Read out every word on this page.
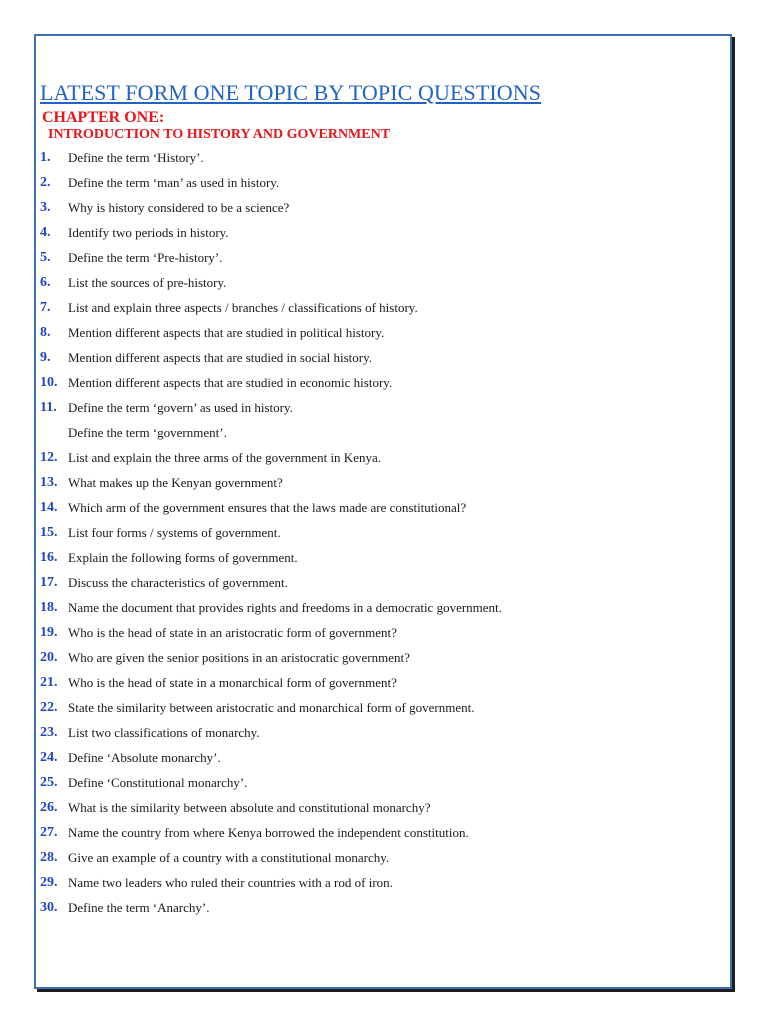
LATEST FORM ONE TOPIC BY TOPIC QUESTIONS
CHAPTER ONE:
INTRODUCTION TO HISTORY AND GOVERNMENT
1. Define the term ‘History’.
2. Define the term ‘man’ as used in history.
3. Why is history considered to be a science?
4. Identify two periods in history.
5. Define the term ‘Pre-history’.
6. List the sources of pre-history.
7. List and explain three aspects / branches / classifications of history.
8. Mention different aspects that are studied in political history.
9. Mention different aspects that are studied in social history.
10. Mention different aspects that are studied in economic history.
11. Define the term ‘govern’ as used in history.
Define the term ‘government’.
12. List and explain the three arms of the government in Kenya.
13. What makes up the Kenyan government?
14. Which arm of the government ensures that the laws made are constitutional?
15. List four forms / systems of government.
16. Explain the following forms of government.
17. Discuss the characteristics of government.
18. Name the document that provides rights and freedoms in a democratic government.
19. Who is the head of state in an aristocratic form of government?
20. Who are given the senior positions in an aristocratic government?
21. Who is the head of state in a monarchical form of government?
22. State the similarity between aristocratic and monarchical form of government.
23. List two classifications of monarchy.
24. Define ‘Absolute monarchy’.
25. Define ‘Constitutional monarchy’.
26. What is the similarity between absolute and constitutional monarchy?
27. Name the country from where Kenya borrowed the independent constitution.
28. Give an example of a country with a constitutional monarchy.
29. Name two leaders who ruled their countries with a rod of iron.
30. Define the term ‘Anarchy’.
